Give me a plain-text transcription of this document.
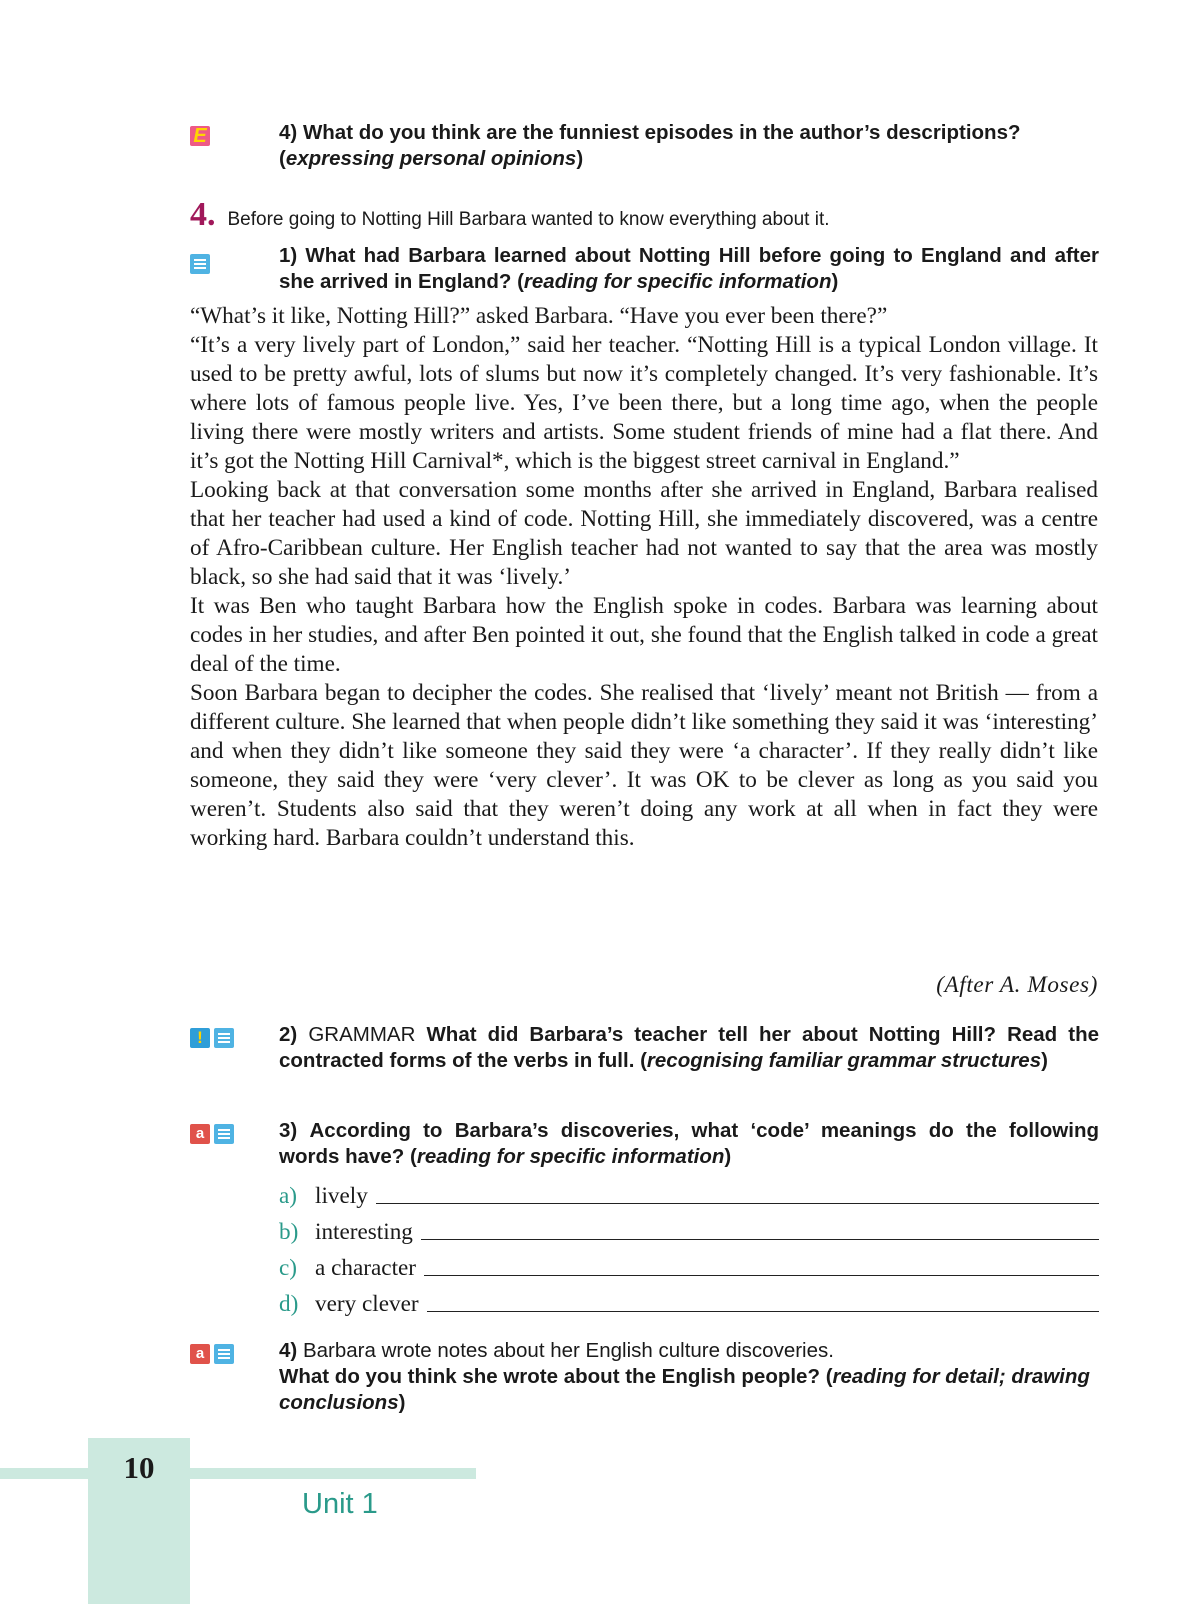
E	4) What do you think are the funniest episodes in the author’s descriptions?
(expressing personal opinions)
4. Before going to Notting Hill Barbara wanted to know everything about it.
1) What had Barbara learned about Notting Hill before going to England and after she arrived in England? (reading for specific information)

“What’s it like, Notting Hill?” asked Barbara. “Have you ever been there?”

“It’s a very lively part of London,” said her teacher. “Notting Hill is a typical London village. It used to be pretty awful, lots of slums but now it’s completely changed. It’s very fashionable. It’s where lots of famous people live. Yes, I’ve been there, but a long time ago, when the people living there were mostly writers and artists. Some student friends of mine had a flat there. And it’s got the Notting Hill Carnival*, which is the biggest street carnival in England.”

Looking back at that conversation some months after she arrived in England, Barbara realised that her teacher had used a kind of code. Notting Hill, she immediately discovered, was a centre of Afro-Caribbean culture. Her English teacher had not wanted to say that the area was mostly black, so she had said that it was ‘lively.’

It was Ben who taught Barbara how the English spoke in codes. Barbara was learning about codes in her studies, and after Ben pointed it out, she found that the English talked in code a great deal of the time.

Soon Barbara began to decipher the codes. She realised that ‘lively’ meant not British — from a different culture. She learned that when people didn’t like something they said it was ‘interesting’ and when they didn’t like someone they said they were ‘a character’. If they really didn’t like someone, they said they were ‘very clever’. It was OK to be clever as long as you said you weren’t. Students also said that they weren’t doing any work at all when in fact they were working hard. Barbara couldn’t understand this.

(After A. Moses)
!	2) GRAMMAR What did Barbara’s teacher tell her about Notting Hill? Read the contracted forms of the verbs in full. (recognising familiar grammar structures)
a	3) According to Barbara’s discoveries, what ‘code’ meanings do the following words have? (reading for specific information)
a) lively
b) interesting
c) a character
d) very clever
a	4) Barbara wrote notes about her English culture discoveries.
What do you think she wrote about the English people? (reading for detail; drawing conclusions)
10
Unit 1
